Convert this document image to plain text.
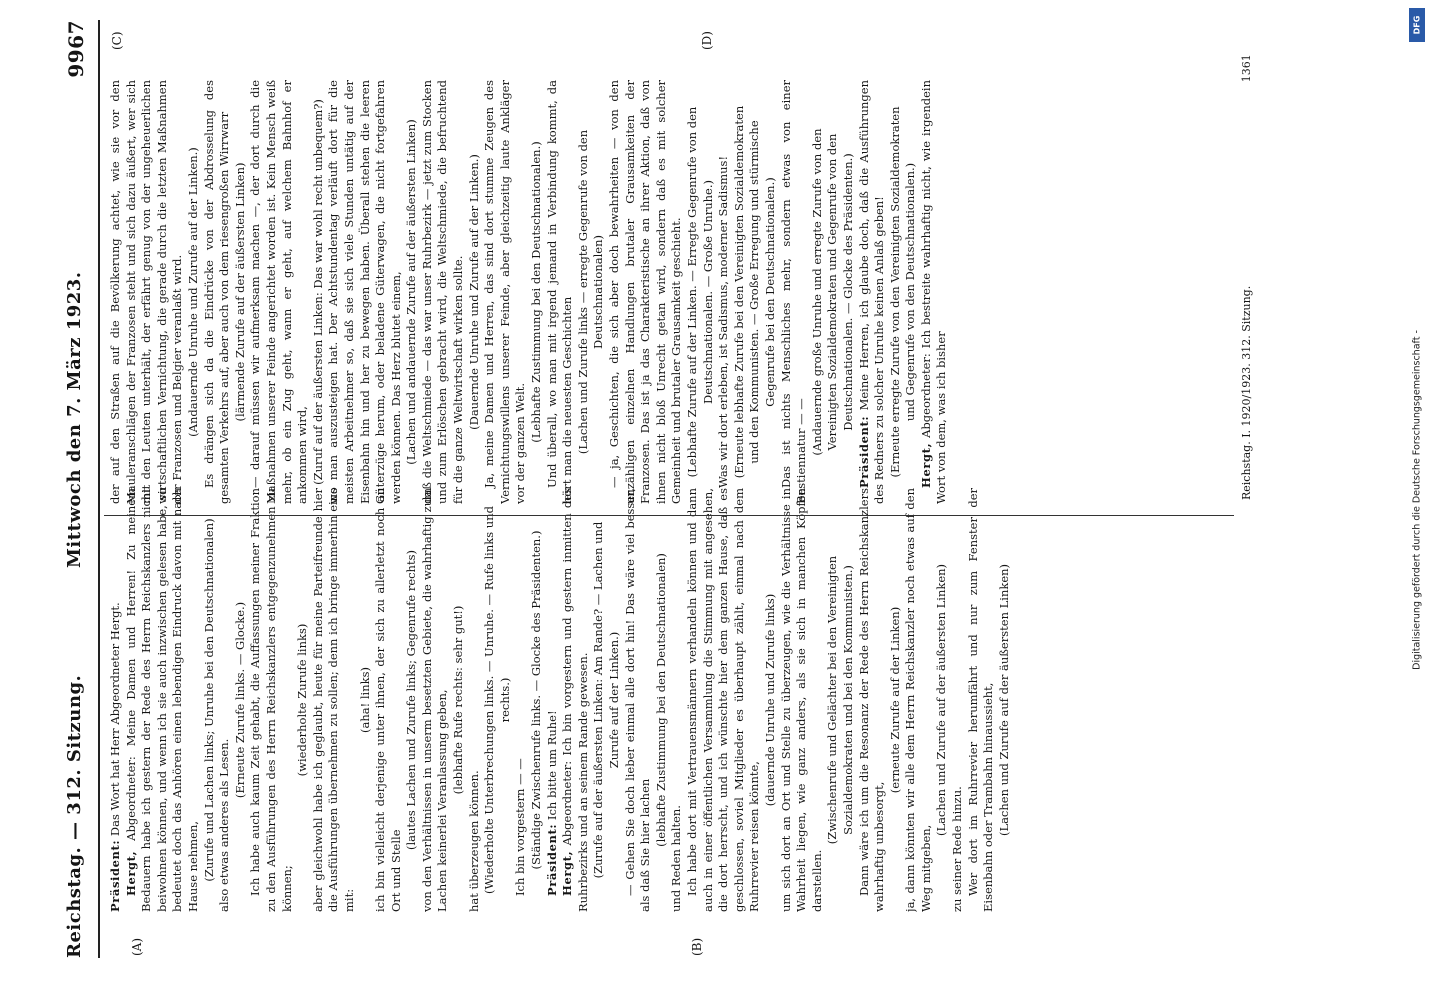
Reichstag. — 312. Sitzung.
Mittwoch den 7. März 1923.
9967
(A)	(B)
(C)	(D)

Präsident: Das Wort hat Herr Abgeordneter Hergt.

Hergt, Abgeordneter: Meine Damen und Herren! Zu meinem Bedauern habe ich gestern der Rede des Herrn Reichskanzlers nicht beiwohnen können, und wenn ich sie auch inzwischen gelesen habe, so bedeutet doch das Anhören einen lebendigen Eindruck davon mit nach Hause nehmen, (Zurufe und Lachen links; Unruhe bei den Deutschnationalen) also etwas anderes als Lesen.

(Erneute Zurufe links. — Glocke.) Ich habe auch kaum Zeit gehabt, die Auffassungen meiner Fraktion zu den Ausführungen des Herrn Reichskanzlers entgegenzunehmen zu können;

(wiederholte Zurufe links) aber gleichwohl habe ich geglaubt, heute für meine Parteifreunde hier die Ausführungen übernehmen zu sollen; denn ich bringe immerhin eins mit:

(aha! links) ich bin vielleicht derjenige unter ihnen, der sich zu allerletzt noch an Ort und Stelle

(lautes Lachen und Zurufe links; Gegenrufe rechts) von den Verhältnissen in unserm besetzten Gebiete, die wahrhaftig zum Lachen keinerlei Veranlassung geben, (lebhafte Rufe rechts: sehr gut!)

hat überzeugen können. (Wiederholte Unterbrechungen links. — Unruhe. — Rufe links und rechts.)

Ich bin vorgestern — — (Ständige Zwischenrufe links. — Glocke des Präsidenten.) Präsident: Ich bitte um Ruhe!

Hergt, Abgeordneter: Ich bin vorgestern und gestern inmitten des Ruhrbezirks und an seinem Rande gewesen. (Zurufe auf der äußersten Linken: Am Rande? — Lachen und Zurufe auf der Linken.) — Gehen Sie doch lieber einmal alle dort hin! Das wäre viel besser, als daß Sie hier lachen (lebhafte Zustimmung bei den Deutschnationalen)

und Reden halten. Ich habe dort mit Vertrauensmännern verhandeln können und dann auch in einer öffentlichen Versammlung die Stimmung mit angesehen, die dort herrscht, und ich wünschte hier dem ganzen Hause, daß es geschlossen, soviel Mitglieder es überhaupt zählt, einmal nach dem Ruhrrevier reisen könnte,

(dauernde Unruhe und Zurufe links) um sich dort an Ort und Stelle zu überzeugen, wie die Verhältnisse in Wahrheit liegen, wie ganz anders, als sie sich in manchen Köpfen darstellen.

(Zwischenrufe und Gelächter bei den Vereinigten Sozialdemokraten und bei den Kommunisten.) Dann wäre ich um die Resonanz der Rede des Herrn Reichskanzlers wahrhaftig unbesorgt,

(erneute Zurufe auf der Linken) ja, dann könnten wir alle dem Herrn Reichskanzler noch etwas auf den Weg mitgeben,

(Lachen und Zurufe auf der äußersten Linken)

zu seiner Rede hinzu. Wer dort im Ruhrrevier herumfährt und nur zum Fenster der Eisenbahn oder Trambahn hinaussieht, (Lachen und Zurufe auf der äußersten Linken)

der auf den Straßen auf die Bevölkerung achtet, wie sie vor den Mauleranschlägen der Franzosen steht und sich dazu äußert, wer sich mit den Leuten unterhält, der erfährt genug von der ungeheuerlichen wirtschaftlichen Vernichtung, die gerade durch die letzten Maßnahmen der Franzosen und Belgier veranlaßt wird. (Andauernde Unruhe und Zurufe auf der Linken.) Es drängen sich da die Eindrücke von der Abdrosselung des gesamten Verkehrs auf, aber auch von dem riesengroßen Wirrwarr (lärmende Zurufe auf der äußersten Linken) — darauf müssen wir aufmerksam machen —, der dort durch die Maßnahmen unserer Feinde angerichtet worden ist. Kein Mensch weiß mehr, ob ein Zug geht, wann er geht, auf welchem Bahnhof er ankommen wird, (Zuruf auf der äußersten Linken: Das war wohl recht unbequem?) wo man auszusteigen hat. Der Achtstundentag verläuft dort für die meisten Arbeitnehmer so, daß sie sich viele Stunden untätig auf der Eisenbahn hin und her zu bewegen haben. Überall stehen die leeren Güterzüge herum, oder beladene Güterwagen, die nicht fortgefahren werden können. Das Herz blutet einem, (Lachen und andauernde Zurufe auf der äußersten Linken) daß die Weltschmiede — das war unser Ruhrbezirk — jetzt zum Stocken und zum Erlöschen gebracht wird, die Weltschmiede, die befruchtend für die ganze Weltwirtschaft wirken sollte. (Dauernde Unruhe und Zurufe auf der Linken.) Ja, meine Damen und Herren, das sind dort stumme Zeugen des Vernichtungswillens unserer Feinde, aber gleichzeitig laute Ankläger vor der ganzen Welt.

(Lebhafte Zustimmung bei den Deutschnationalen.) Und überall, wo man mit irgend jemand in Verbindung kommt, da hört man die neuesten Geschichten (Lachen und Zurufe links — erregte Gegenrufe von den Deutschnationalen) — ja, Geschichten, die sich aber doch bewahrheiten — von den unzähligen einzelnen Handlungen brutaler Grausamkeiten der Franzosen. Das ist ja das Charakteristische an ihrer Aktion, daß von ihnen nicht bloß Unrecht getan wird, sondern daß es mit solcher Gemeinheit und brutaler Grausamkeit geschieht. (Lebhafte Zurufe auf der Linken. — Erregte Gegenrufe von den Deutschnationalen. — Große Unruhe.) Was wir dort erleben, ist Sadismus, moderner Sadismus! (Erneute lebhafte Zurufe bei den Vereinigten Sozialdemokraten und den Kommunisten. — Große Erregung und stürmische Gegenrufe bei den Deutschnationalen.) Das ist nichts Menschliches mehr, sondern etwas von einer Bestiennatur — — (Andauernde große Unruhe und erregte Zurufe von den Vereinigten Sozialdemokraten und Gegenrufe von den Deutschnationalen. — Glocke des Präsidenten.)

Präsident: Meine Herren, ich glaube doch, daß die Ausführungen des Redners zu solcher Unruhe keinen Anlaß geben! (Erneute erregte Zurufe von den Vereinigten Sozialdemokraten und Gegenrufe von den Deutschnationalen.)

Hergt, Abgeordneter: Ich bestreite wahrhaftig nicht, wie irgendein Wort von dem, was ich bisher	Reichstag. I. 1920/1923. 312. Sitzung. 1361
DFG
Digitalisierung gefördert durch die Deutsche Forschungsgemeinschaft -
